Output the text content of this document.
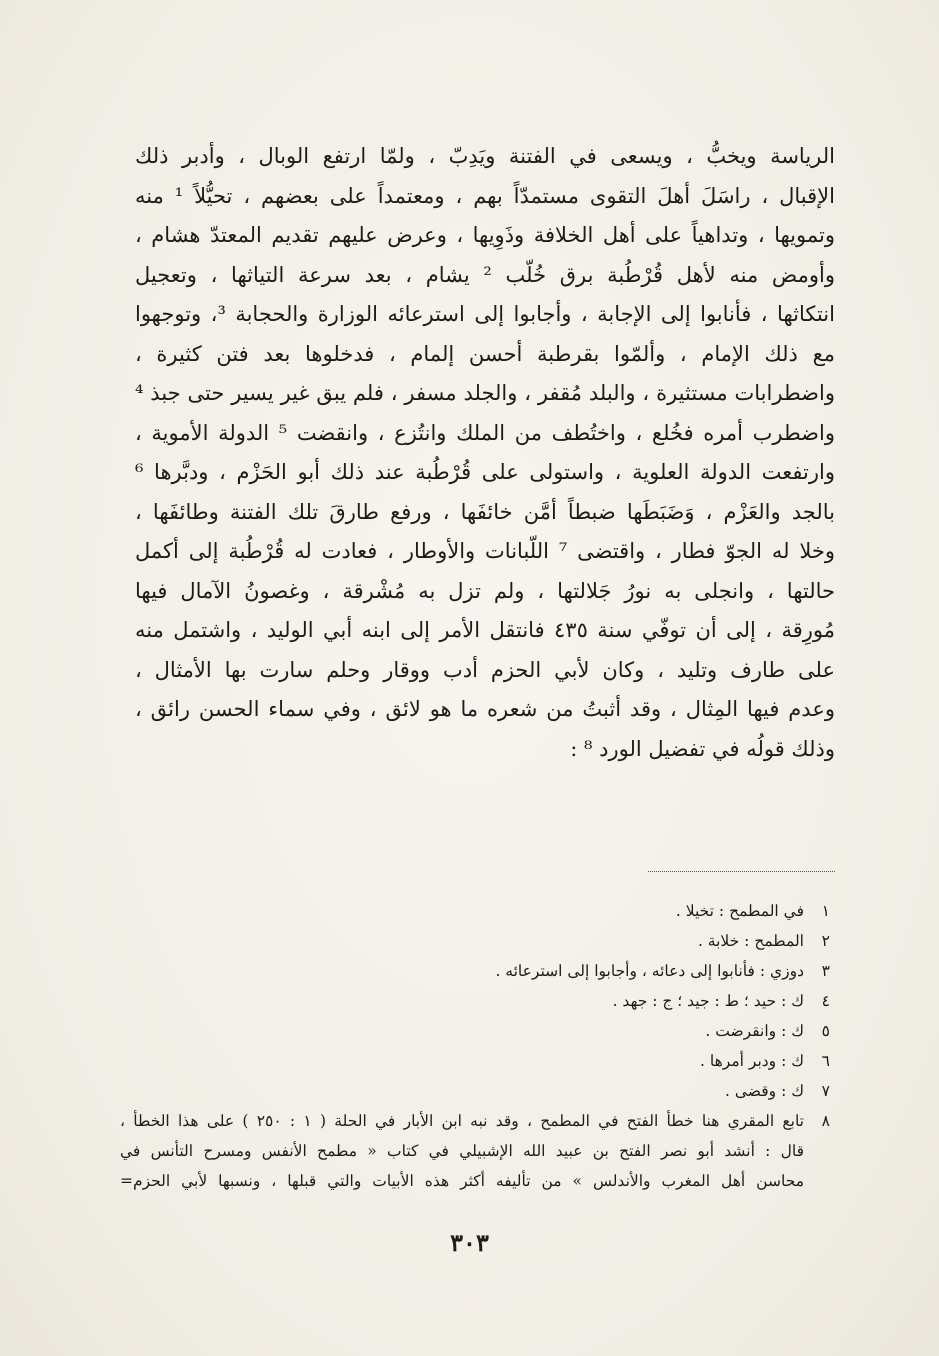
الرياسة ويخبُّ ، ويسعى في الفتنة ويَدِبّ ، ولمّا ارتفع الوبال ، وأدبر ذلك
الإقبال ، راسَلَ أهلَ التقوى مستمدّاً بهم ، ومعتمداً على بعضهم ، تحيُّلاً ¹ منه
وتمويها ، وتداهياً على أهل الخلافة وذَوِيها ، وعرض عليهم تقديم المعتدّ هشام ،
وأومض منه لأهل قُرْطُبة برق خُلّب ² يشام ، بعد سرعة التياثها ، وتعجيل
انتكاثها ، فأنابوا إلى الإجابة ، وأجابوا إلى استرعائه الوزارة والحجابة ³، وتوجهوا
مع ذلك الإمام ، وألمّوا بقرطبة أحسن إلمام ، فدخلوها بعد فتن كثيرة ،
واضطرابات مستثيرة ، والبلد مُقفر ، والجلد مسفر ، فلم يبق غير يسير حتى جبذ ⁴
واضطرب أمره فخُلع ، واختُطف من الملك وانتُزع ، وانقضت ⁵ الدولة الأموية ،
وارتفعت الدولة العلوية ، واستولى على قُرْطُبة عند ذلك أبو الحَزْم ، ودبَّرها ⁶
بالجد والعَزْم ، وَضَبَطَها ضبطاً أمَّن خائفَها ، ورفع طارقَ تلك الفتنة وطائفَها ،
وخلا له الجوّ فطار ، واقتضى ⁷ اللّبانات والأوطار ، فعادت له قُرْطُبة إلى أكمل
حالتها ، وانجلى به نورُ جَلالتها ، ولم تزل به مُشْرقة ، وغصونُ الآمال فيها
مُورِقة ، إلى أن توفّي سنة ٤٣٥ فانتقل الأمر إلى ابنه أبي الوليد ، واشتمل منه
على طارف وتليد ، وكان لأبي الحزم أدب ووقار وحلم سارت بها الأمثال ،
وعدم فيها المِثال ، وقد أثبتُ من شعره ما هو لائق ، وفي سماء الحسن رائق ،
وذلك قولُه في تفضيل الورد ⁸ :
١
في المطمح : تخيلا .
٢
المطمح : خلابة .
٣
دوزي : فأنابوا إلى دعائه ، وأجابوا إلى استرعائه .
٤
ك : حيد ؛ ط : جيد ؛ ج : جهد .
٥
ك : وانقرضت .
٦
ك : ودبر أمرها .
٧
ك : وقضى .
٨
تابع المقري هنا خطأ الفتح في المطمح ، وقد نبه ابن الأبار في الحلة ( ١ : ٢٥٠ ) على هذا الخطأ ،
قال : أنشد أبو نصر الفتح بن عبيد الله الإشبيلي في كتاب « مطمح الأنفس ومسرح التأنس في
محاسن أهل المغرب والأندلس » من تأليفه أكثر هذه الأبيات والتي قبلها ، ونسبها لأبي الحزم=
٣٠٣
